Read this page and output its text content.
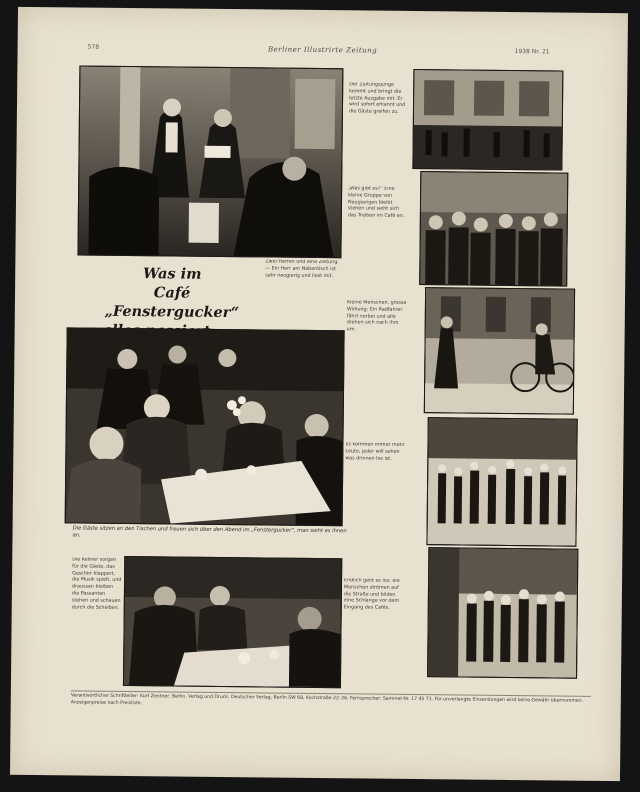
578	Berliner Illustrirte Zeitung	1938 Nr. 21
Zwei Herren und eine Zeitung. — Ein Herr am Nebentisch ist sehr neugierig und liest mit.
Was im
Café „Fenstergucker“
Der Zeitungsjunge kommt und bringt die letzte Ausgabe mit. Er wird sofort erkannt und die Gäste greifen zu.
„Was gibt es?“ Eine kleine Gruppe von Neugierigen bleibt stehen und sieht sich das Treiben im Café an.
Kleine Menschen, grosse Wirkung: Ein Radfahrer fährt vorbei und alle drehen sich nach ihm um.
Es kommen immer mehr Leute, jeder will sehen was drinnen los ist.
Endlich geht es los: die Menschen strömen auf die Straße und bilden eine Schlange vor dem Eingang des Cafés.
Die Gäste sitzen an den Tischen und freuen sich über den Abend im „Fenstergucker“, man sieht es ihnen an.
Die Kellner sorgen für die Gäste, das Geschirr klappert, die Musik spielt, und draussen bleiben die Passanten stehen und schauen durch die Scheiben.
Verantwortlicher Schriftleiter: Kurt Zentner, Berlin. Verlag und Druck: Deutscher Verlag, Berlin SW 68, Kochstraße 22–26. Fernsprecher: Sammel-Nr. 17 45 71. Für unverlangte Einsendungen wird keine Gewähr übernommen. Anzeigenpreise nach Preisliste.
